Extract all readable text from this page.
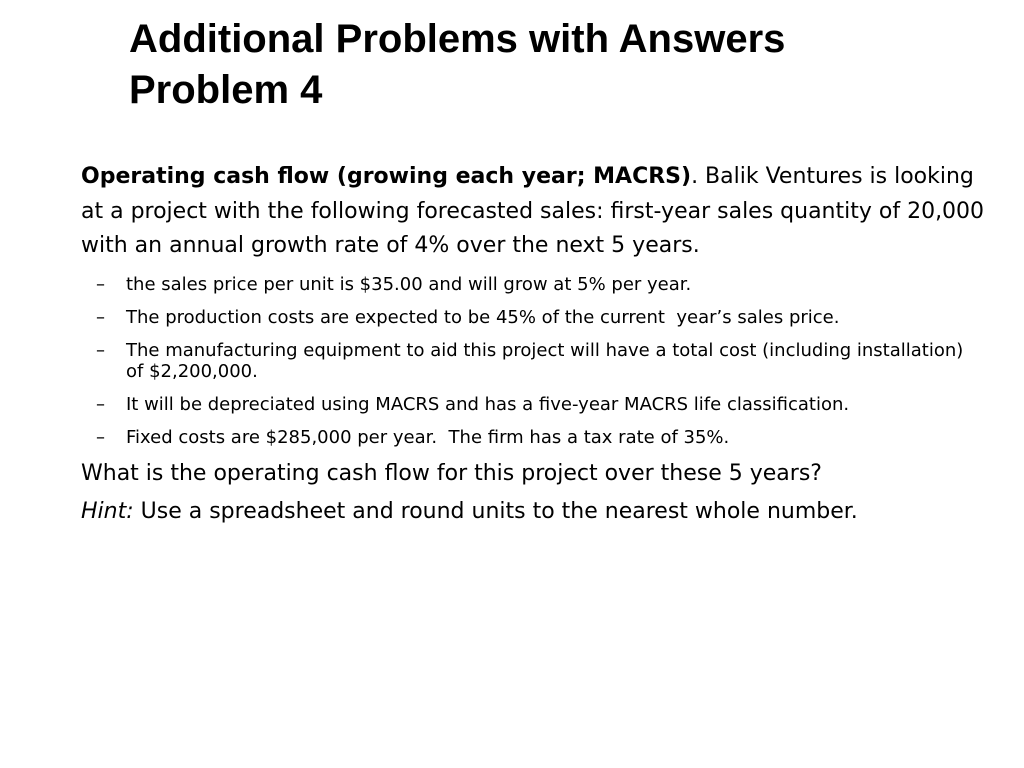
Additional Problems with Answers
Problem 4

Operating cash flow (growing each year; MACRS). Balik Ventures is looking at a project with the following forecasted sales: first-year sales quantity of 20,000 with an annual growth rate of 4% over the next 5 years.

– the sales price per unit is $35.00 and will grow at 5% per year.
– The production costs are expected to be 45% of the current  year’s sales price.
– The manufacturing equipment to aid this project will have a total cost (including installation) of $2,200,000.
– It will be depreciated using MACRS and has a five-year MACRS life classification.
– Fixed costs are $285,000 per year.  The firm has a tax rate of 35%.

What is the operating cash flow for this project over these 5 years?

Hint: Use a spreadsheet and round units to the nearest whole number.
